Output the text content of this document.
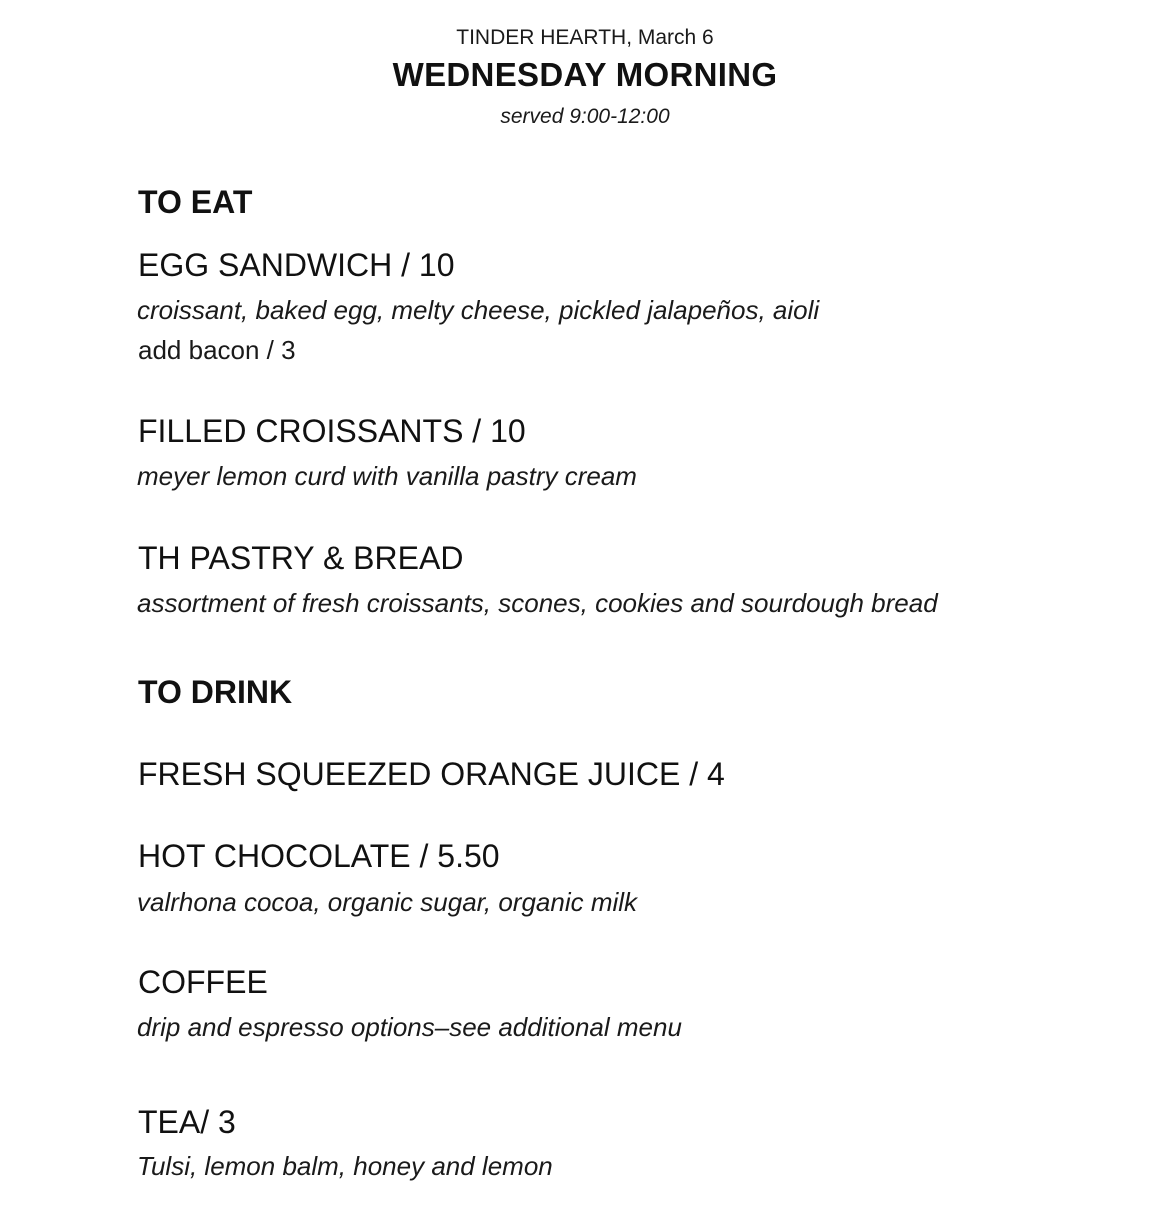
TINDER HEARTH, March 6
WEDNESDAY MORNING
served 9:00-12:00
TO EAT
EGG SANDWICH / 10
croissant, baked egg, melty cheese, pickled jalapeños, aioli
add bacon / 3
FILLED CROISSANTS / 10
meyer lemon curd with vanilla pastry cream
TH PASTRY & BREAD
assortment of fresh croissants, scones, cookies and sourdough bread
TO DRINK
FRESH SQUEEZED ORANGE JUICE / 4
HOT CHOCOLATE / 5.50
valrhona cocoa, organic sugar, organic milk
COFFEE
drip and espresso options–see additional menu
TEA/ 3
Tulsi, lemon balm, honey and lemon
